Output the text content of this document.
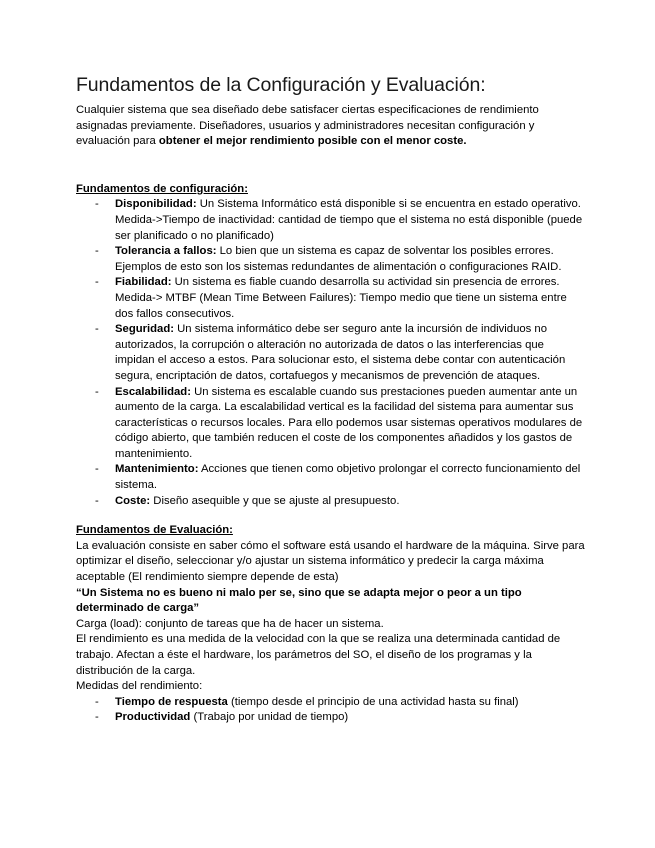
Fundamentos de la Configuración y Evaluación:

Cualquier sistema que sea diseñado debe satisfacer ciertas especificaciones de rendimiento asignadas previamente. Diseñadores, usuarios y administradores necesitan configuración y evaluación para obtener el mejor rendimiento posible con el menor coste.

Fundamentos de configuración:
- Disponibilidad: Un Sistema Informático está disponible si se encuentra en estado operativo. Medida->Tiempo de inactividad: cantidad de tiempo que el sistema no está disponible (puede ser planificado o no planificado)
- Tolerancia a fallos: Lo bien que un sistema es capaz de solventar los posibles errores. Ejemplos de esto son los sistemas redundantes de alimentación o configuraciones RAID.
- Fiabilidad: Un sistema es fiable cuando desarrolla su actividad sin presencia de errores. Medida-> MTBF (Mean Time Between Failures): Tiempo medio que tiene un sistema entre dos fallos consecutivos.
- Seguridad: Un sistema informático debe ser seguro ante la incursión de individuos no autorizados, la corrupción o alteración no autorizada de datos o las interferencias que impidan el acceso a estos. Para solucionar esto, el sistema debe contar con autenticación segura, encriptación de datos, cortafuegos y mecanismos de prevención de ataques.
- Escalabilidad: Un sistema es escalable cuando sus prestaciones pueden aumentar ante un aumento de la carga. La escalabilidad vertical es la facilidad del sistema para aumentar sus características o recursos locales. Para ello podemos usar sistemas operativos modulares de código abierto, que también reducen el coste de los componentes añadidos y los gastos de mantenimiento.
- Mantenimiento: Acciones que tienen como objetivo prolongar el correcto funcionamiento del sistema.
- Coste: Diseño asequible y que se ajuste al presupuesto.
Fundamentos de Evaluación:

La evaluación consiste en saber cómo el software está usando el hardware de la máquina. Sirve para optimizar el diseño, seleccionar y/o ajustar un sistema informático y predecir la carga máxima aceptable (El rendimiento siempre depende de esta)

“Un Sistema no es bueno ni malo per se, sino que se adapta mejor o peor a un tipo determinado de carga”

Carga (load): conjunto de tareas que ha de hacer un sistema.

El rendimiento es una medida de la velocidad con la que se realiza una determinada cantidad de trabajo. Afectan a éste el hardware, los parámetros del SO, el diseño de los programas y la distribución de la carga.

Medidas del rendimiento:

- Tiempo de respuesta (tiempo desde el principio de una actividad hasta su final)
- Productividad (Trabajo por unidad de tiempo)
